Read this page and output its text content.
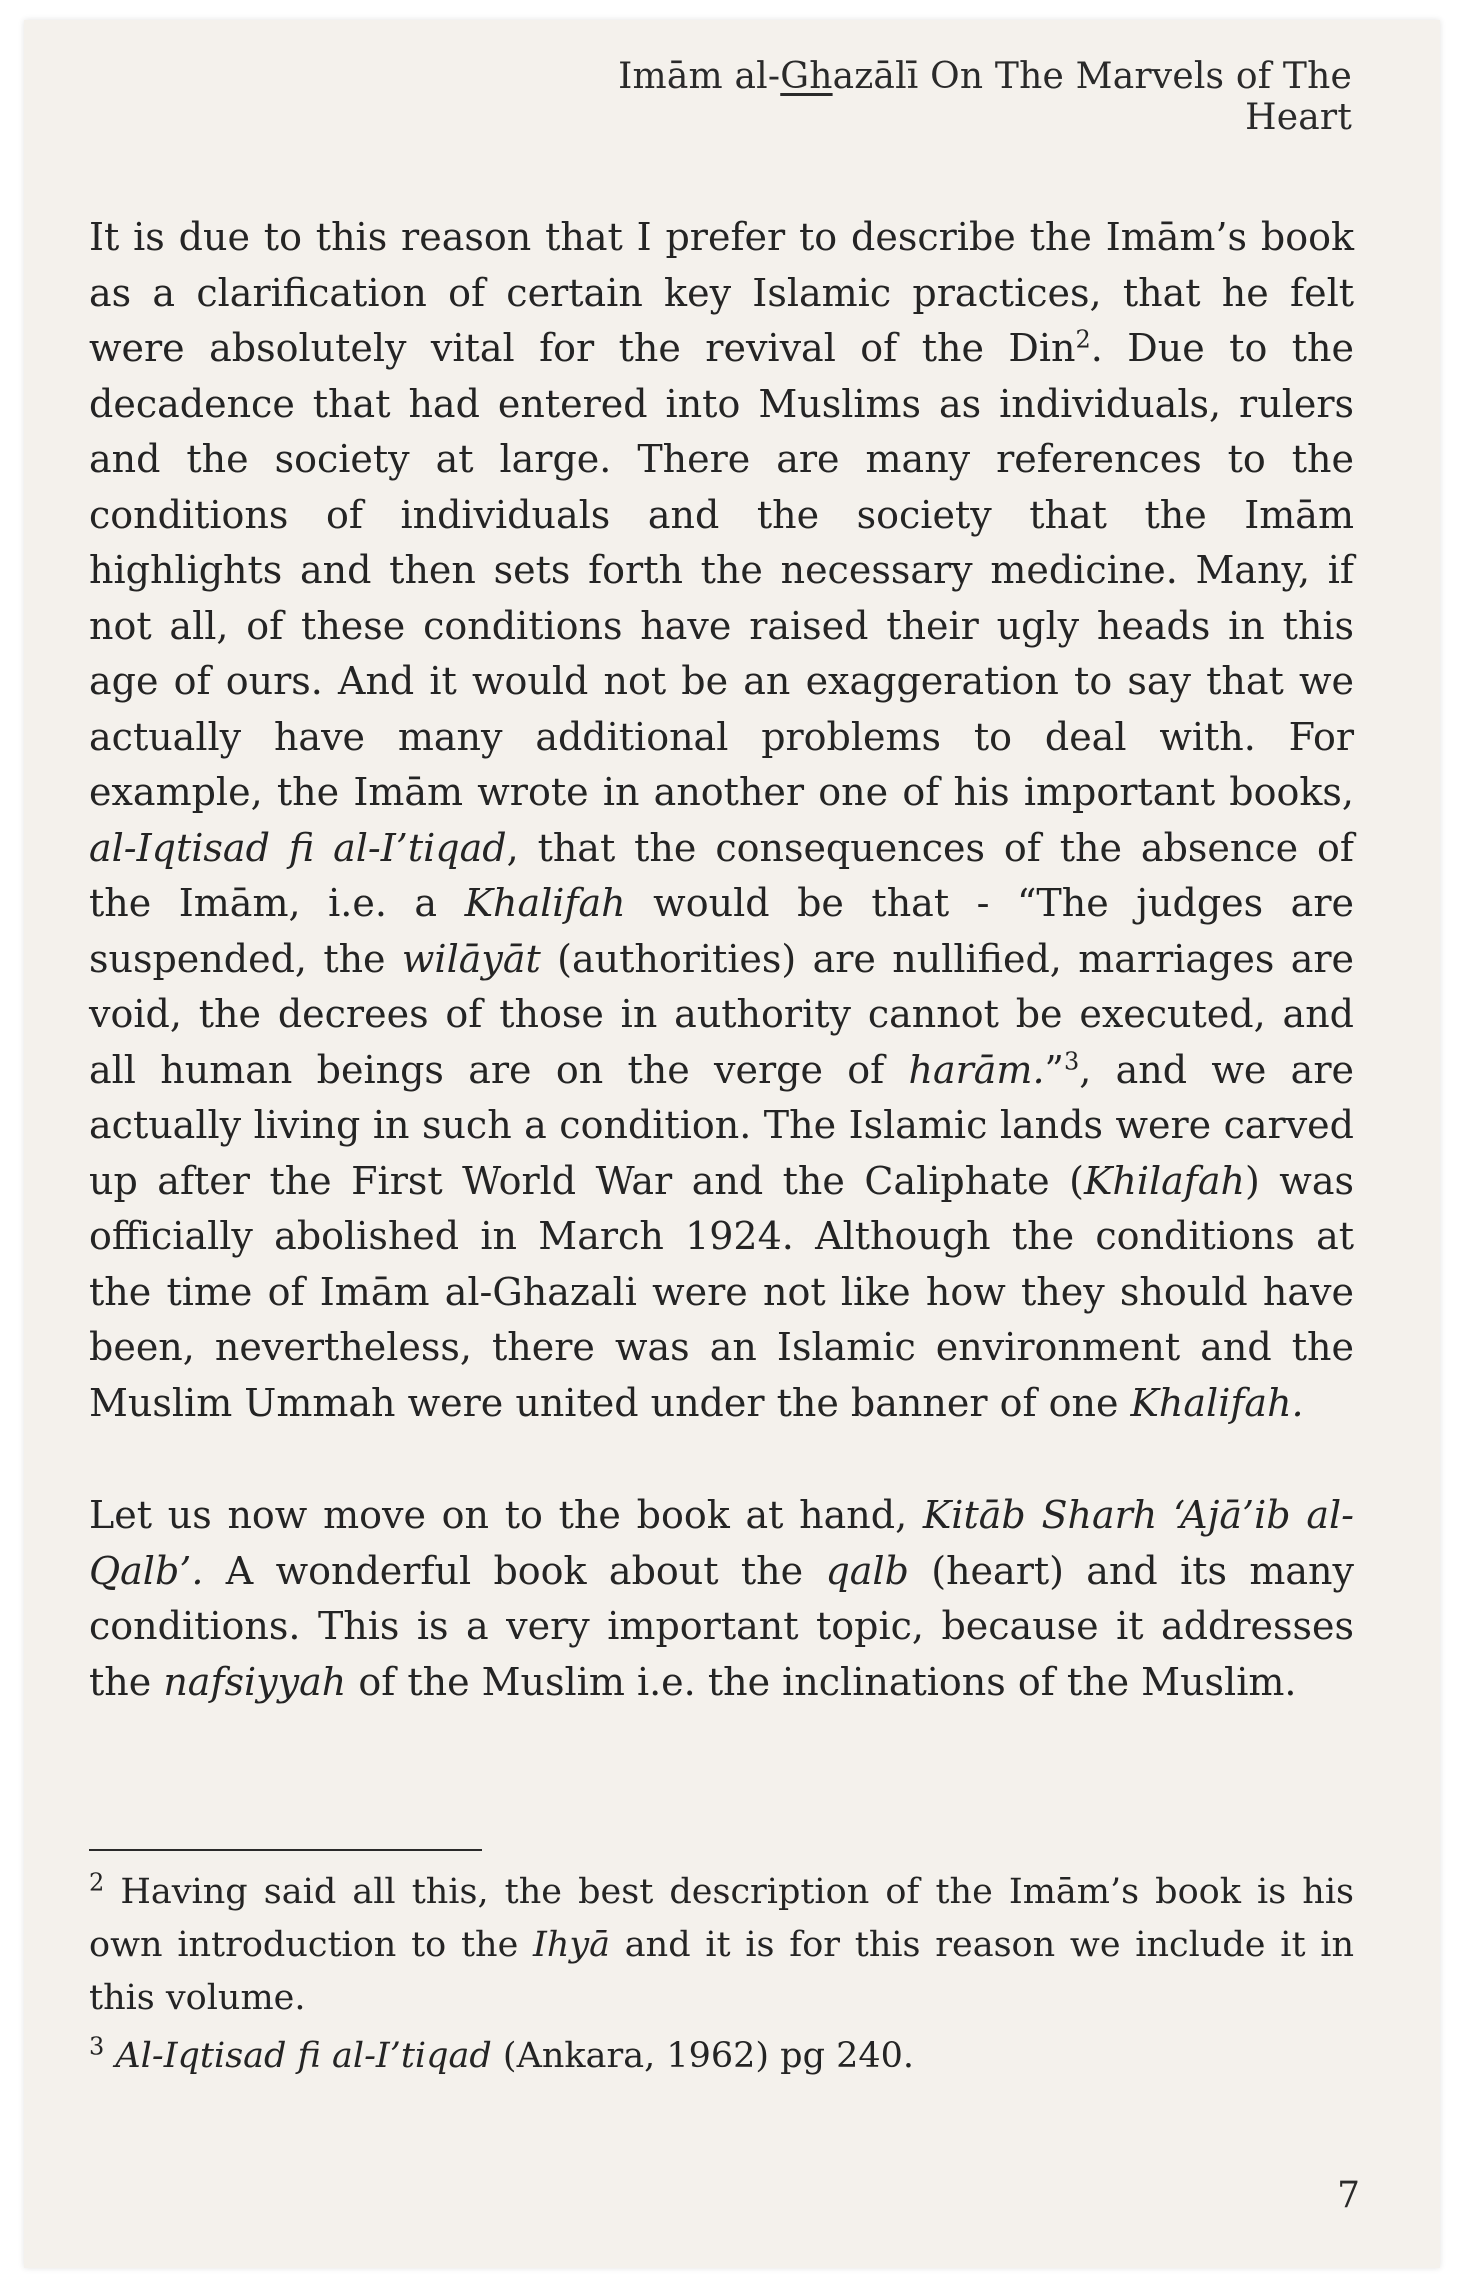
Imām al-Ghazālī On The Marvels of The Heart
It is due to this reason that I prefer to describe the Imām’s book as a clarification of certain key Islamic practices, that he felt were absolutely vital for the revival of the Din$^2$. Due to the decadence that had entered into Muslims as individuals, rulers and the society at large. There are many references to the conditions of individuals and the society that the Imām highlights and then sets forth the necessary medicine. Many, if not all, of these conditions have raised their ugly heads in this age of ours. And it would not be an exaggeration to say that we actually have many additional problems to deal with. For example, the Imām wrote in another one of his important books, al-Iqtisad fi al-I’tiqad, that the consequences of the absence of the Imām, i.e. a Khalifah would be that - “The judges are suspended, the wilāyāt (authorities) are nullified, marriages are void, the decrees of those in authority cannot be executed, and all human beings are on the verge of harām.”$^3$, and we are actually living in such a condition. The Islamic lands were carved up after the First World War and the Caliphate (Khilafah) was officially abolished in March 1924. Although the conditions at the time of Imām al-Ghazali were not like how they should have been, nevertheless, there was an Islamic environment and the Muslim Ummah were united under the banner of one Khalifah.
Let us now move on to the book at hand, Kitāb Sharh ‘Ajā’ib al-Qalb’. A wonderful book about the qalb (heart) and its many conditions. This is a very important topic, because it addresses the nafsiyyah of the Muslim i.e. the inclinations of the Muslim.
$^2$ Having said all this, the best description of the Imām’s book is his own introduction to the Ihyā and it is for this reason we include it in this volume.
$^3$ Al-Iqtisad fi al-I’tiqad (Ankara, 1962) pg 240.
7
